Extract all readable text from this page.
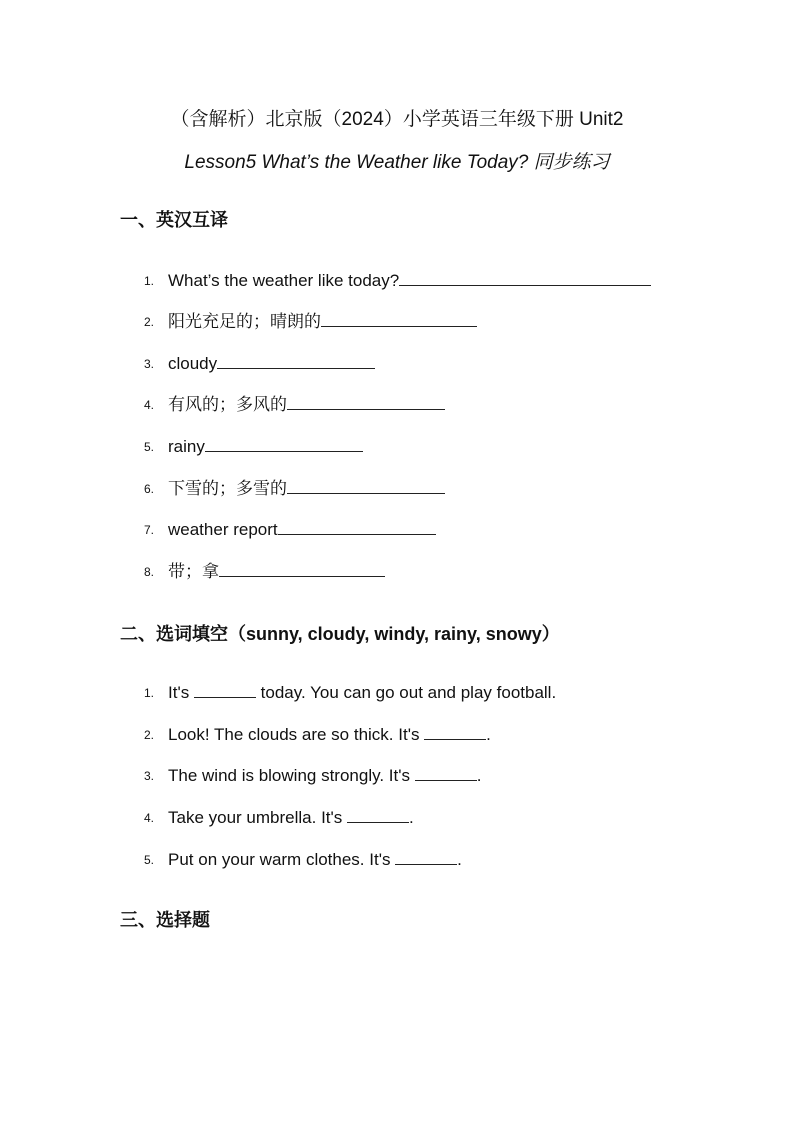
（含解析）北京版（2024）小学英语三年级下册 Unit2
Lesson5 What’s the Weather like Today? 同步练习
一、英汉互译
1. What’s the weather like today?
2. 阳光充足的；晴朗的
3. cloudy
4. 有风的；多风的
5. rainy
6. 下雪的；多雪的
7. weather report
8. 带；拿
二、选词填空（sunny, cloudy, windy, rainy, snowy）
1. It's	today. You can go out and play football.
2. Look! The clouds are so thick. It's	.
3. The wind is blowing strongly. It's	.
4. Take your umbrella. It's	.
5. Put on your warm clothes. It's	.
三、选择题
